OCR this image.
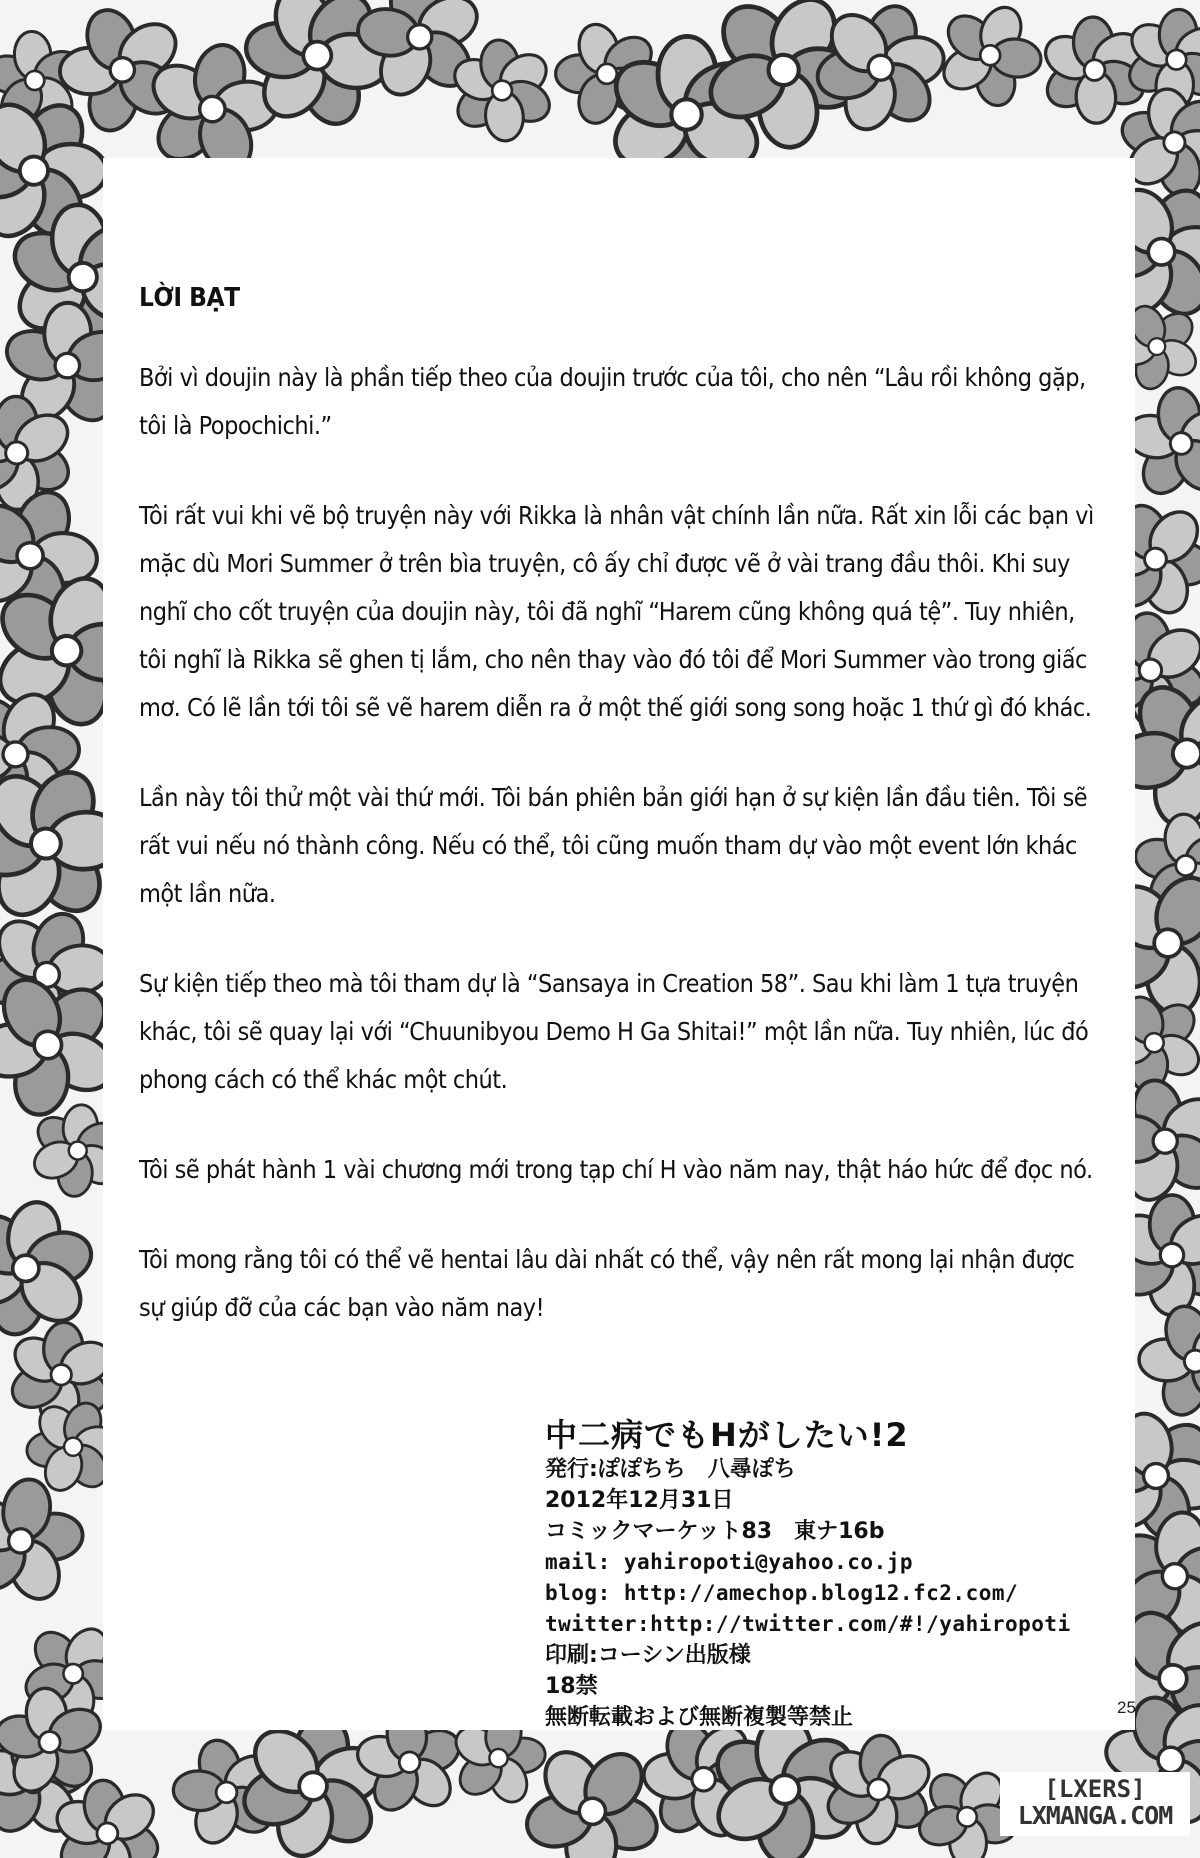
LỜI BẠT

Bởi vì doujin này là phần tiếp theo của doujin trước của tôi, cho nên “Lâu rồi không gặp, tôi là Popochichi.”

Tôi rất vui khi vẽ bộ truyện này với Rikka là nhân vật chính lần nữa. Rất xin lỗi các bạn vì mặc dù Mori Summer ở trên bìa truyện, cô ấy chỉ được vẽ ở vài trang đầu thôi. Khi suy nghĩ cho cốt truyện của doujin này, tôi đã nghĩ “Harem cũng không quá tệ”. Tuy nhiên, tôi nghĩ là Rikka sẽ ghen tị lắm, cho nên thay vào đó tôi để Mori Summer vào trong giấc mơ. Có lẽ lần tới tôi sẽ vẽ harem diễn ra ở một thế giới song song hoặc 1 thứ gì đó khác.

Lần này tôi thử một vài thứ mới. Tôi bán phiên bản giới hạn ở sự kiện lần đầu tiên. Tôi sẽ rất vui nếu nó thành công. Nếu có thể, tôi cũng muốn tham dự vào một event lớn khác một lần nữa.

Sự kiện tiếp theo mà tôi tham dự là “Sansaya in Creation 58”. Sau khi làm 1 tựa truyện khác, tôi sẽ quay lại với “Chuunibyou Demo H Ga Shitai!” một lần nữa. Tuy nhiên, lúc đó phong cách có thể khác một chút.

Tôi sẽ phát hành 1 vài chương mới trong tạp chí H vào năm nay, thật háo hức để đọc nó.

Tôi mong rằng tôi có thể vẽ hentai lâu dài nhất có thể, vậy nên rất mong lại nhận được sự giúp đỡ của các bạn vào năm nay!

中二病でもHがしたい!2
発行:ぽぽちち　八尋ぽち
2012年12月31日
コミックマーケット83　東ナ16b
mail: yahiropoti@yahoo.co.jp
blog: http://amechop.blog12.fc2.com/
twitter:http://twitter.com/#!/yahiropoti
印刷:コーシン出版様
18禁
無断転載および無断複製等禁止	25
[LXERS]
LXMANGA.COM
